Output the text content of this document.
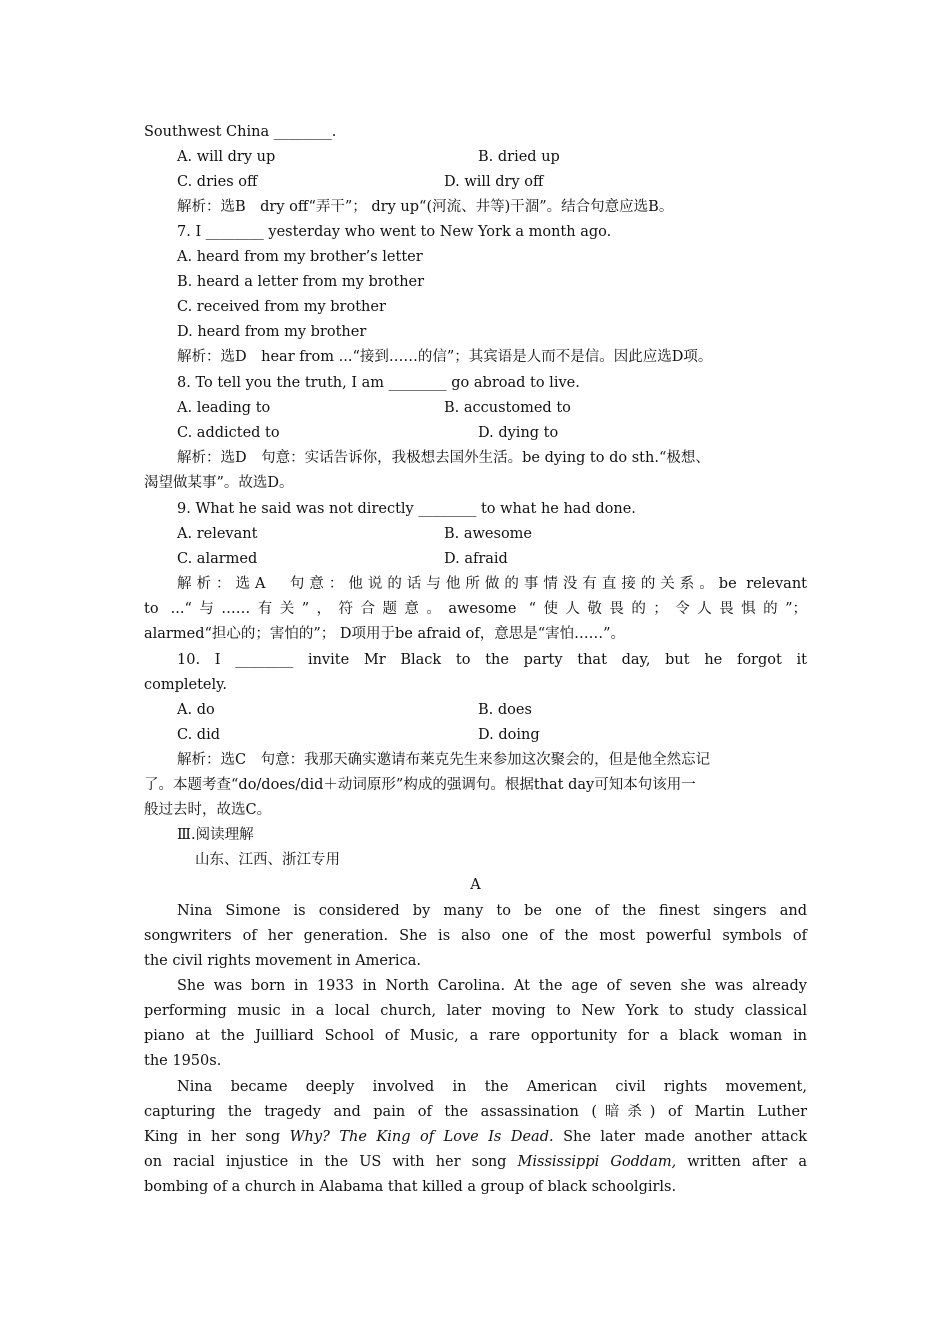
Southwest China ________.
A. will dry up	B. dried up
C. dries off	D. will dry off
解析：选B　dry off“弄干”； dry up“(河流、井等)干涸”。结合句意应选B。
7. I ________ yesterday who went to New York a month ago.
A. heard from my brother’s letter
B. heard a letter from my brother
C. received from my brother
D. heard from my brother
解析：选D　hear from ...“接到……的信”；其宾语是人而不是信。因此应选D项。
8. To tell you the truth, I am ________ go abroad to live.
A. leading to	B. accustomed to
C. addicted to	D. dying to
解析：选D　句意：实话告诉你，我极想去国外生活。be dying to do sth.“极想、
渴望做某事”。故选D。
9. What he said was not directly ________ to what he had done.
A. relevant	B. awesome
C. alarmed	D. afraid
解析：选A　句意：他说的话与他所做的事情没有直接的关系。be relevant
to ...“与……有关”，符合题意。awesome “使人敬畏的；令人畏惧的”；
alarmed“担心的；害怕的”； D项用于be afraid of，意思是“害怕……”。
10. I ________ invite Mr Black to the party that day, but he forgot it
completely.
A. do	B. does
C. did	D. doing
解析：选C　句意：我那天确实邀请布莱克先生来参加这次聚会的，但是他全然忘记
了。本题考查“do/does/did＋动词原形”构成的强调句。根据that day可知本句该用一
般过去时，故选C。
Ⅲ.阅读理解
山东、江西、浙江专用
A
Nina Simone is considered by many to be one of the finest singers and
songwriters of her generation. She is also one of the most powerful symbols of
the civil rights movement in America.
She was born in 1933 in North Carolina. At the age of seven she was already
performing music in a local church, later moving to New York to study classical
piano at the Juilliard School of Music, a rare opportunity for a black woman in
the 1950s.
Nina became deeply involved in the American civil rights movement,
capturing the tragedy and pain of the assassination (暗杀) of Martin Luther
King in her song Why? The King of Love Is Dead. She later made another attack
on racial injustice in the US with her song Mississippi Goddam, written after a
bombing of a church in Alabama that killed a group of black schoolgirls.
